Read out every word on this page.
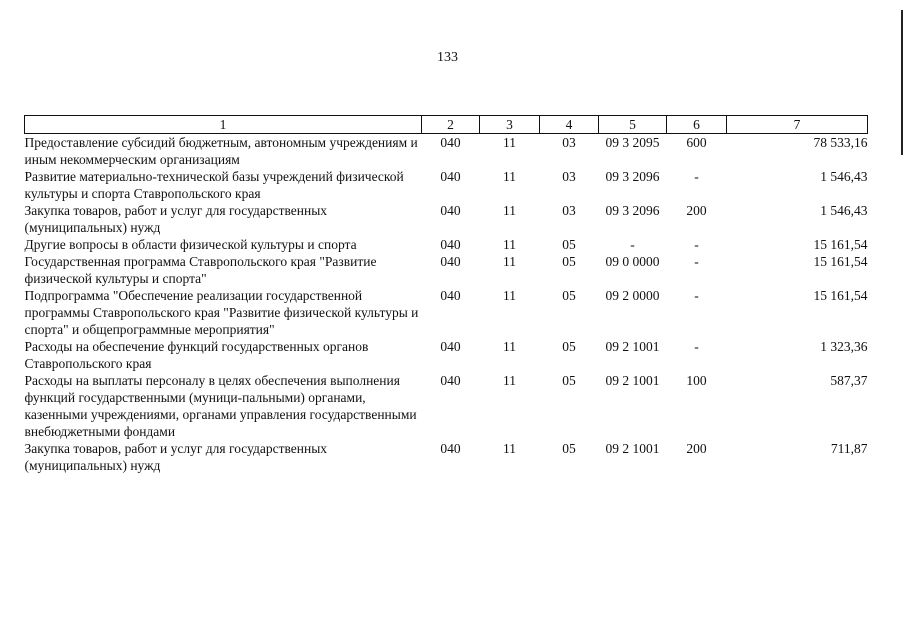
133
1	2	3	4	5	6	7
Предоставление субсидий бюджетным, автономным учреждениям и иным некоммерческим организациям	040	11	03	09 3 2095	600	78 533,16
Развитие материально-технической базы учреждений физической культуры и спорта Ставропольского края	040	11	03	09 3 2096	-	1 546,43
Закупка товаров, работ и услуг для государственных (муниципальных) нужд	040	11	03	09 3 2096	200	1 546,43
Другие вопросы в области физической культуры и спорта	040	11	05	-	-	15 161,54
Государственная программа Ставропольского края "Развитие физической культуры и спорта"	040	11	05	09 0 0000	-	15 161,54
Подпрограмма "Обеспечение реализации государственной программы Ставропольского края "Развитие физической культуры и спорта" и общепрограммные мероприятия"	040	11	05	09 2 0000	-	15 161,54
Расходы на обеспечение функций государственных органов Ставропольского края	040	11	05	09 2 1001	-	1 323,36
Расходы на выплаты персоналу в целях обеспечения выполнения функций государственными (муници-пальными) органами, казенными учреждениями, органами управления государственными внебюджетными фондами	040	11	05	09 2 1001	100	587,37
Закупка товаров, работ и услуг для государственных (муниципальных) нужд	040	11	05	09 2 1001	200	711,87
